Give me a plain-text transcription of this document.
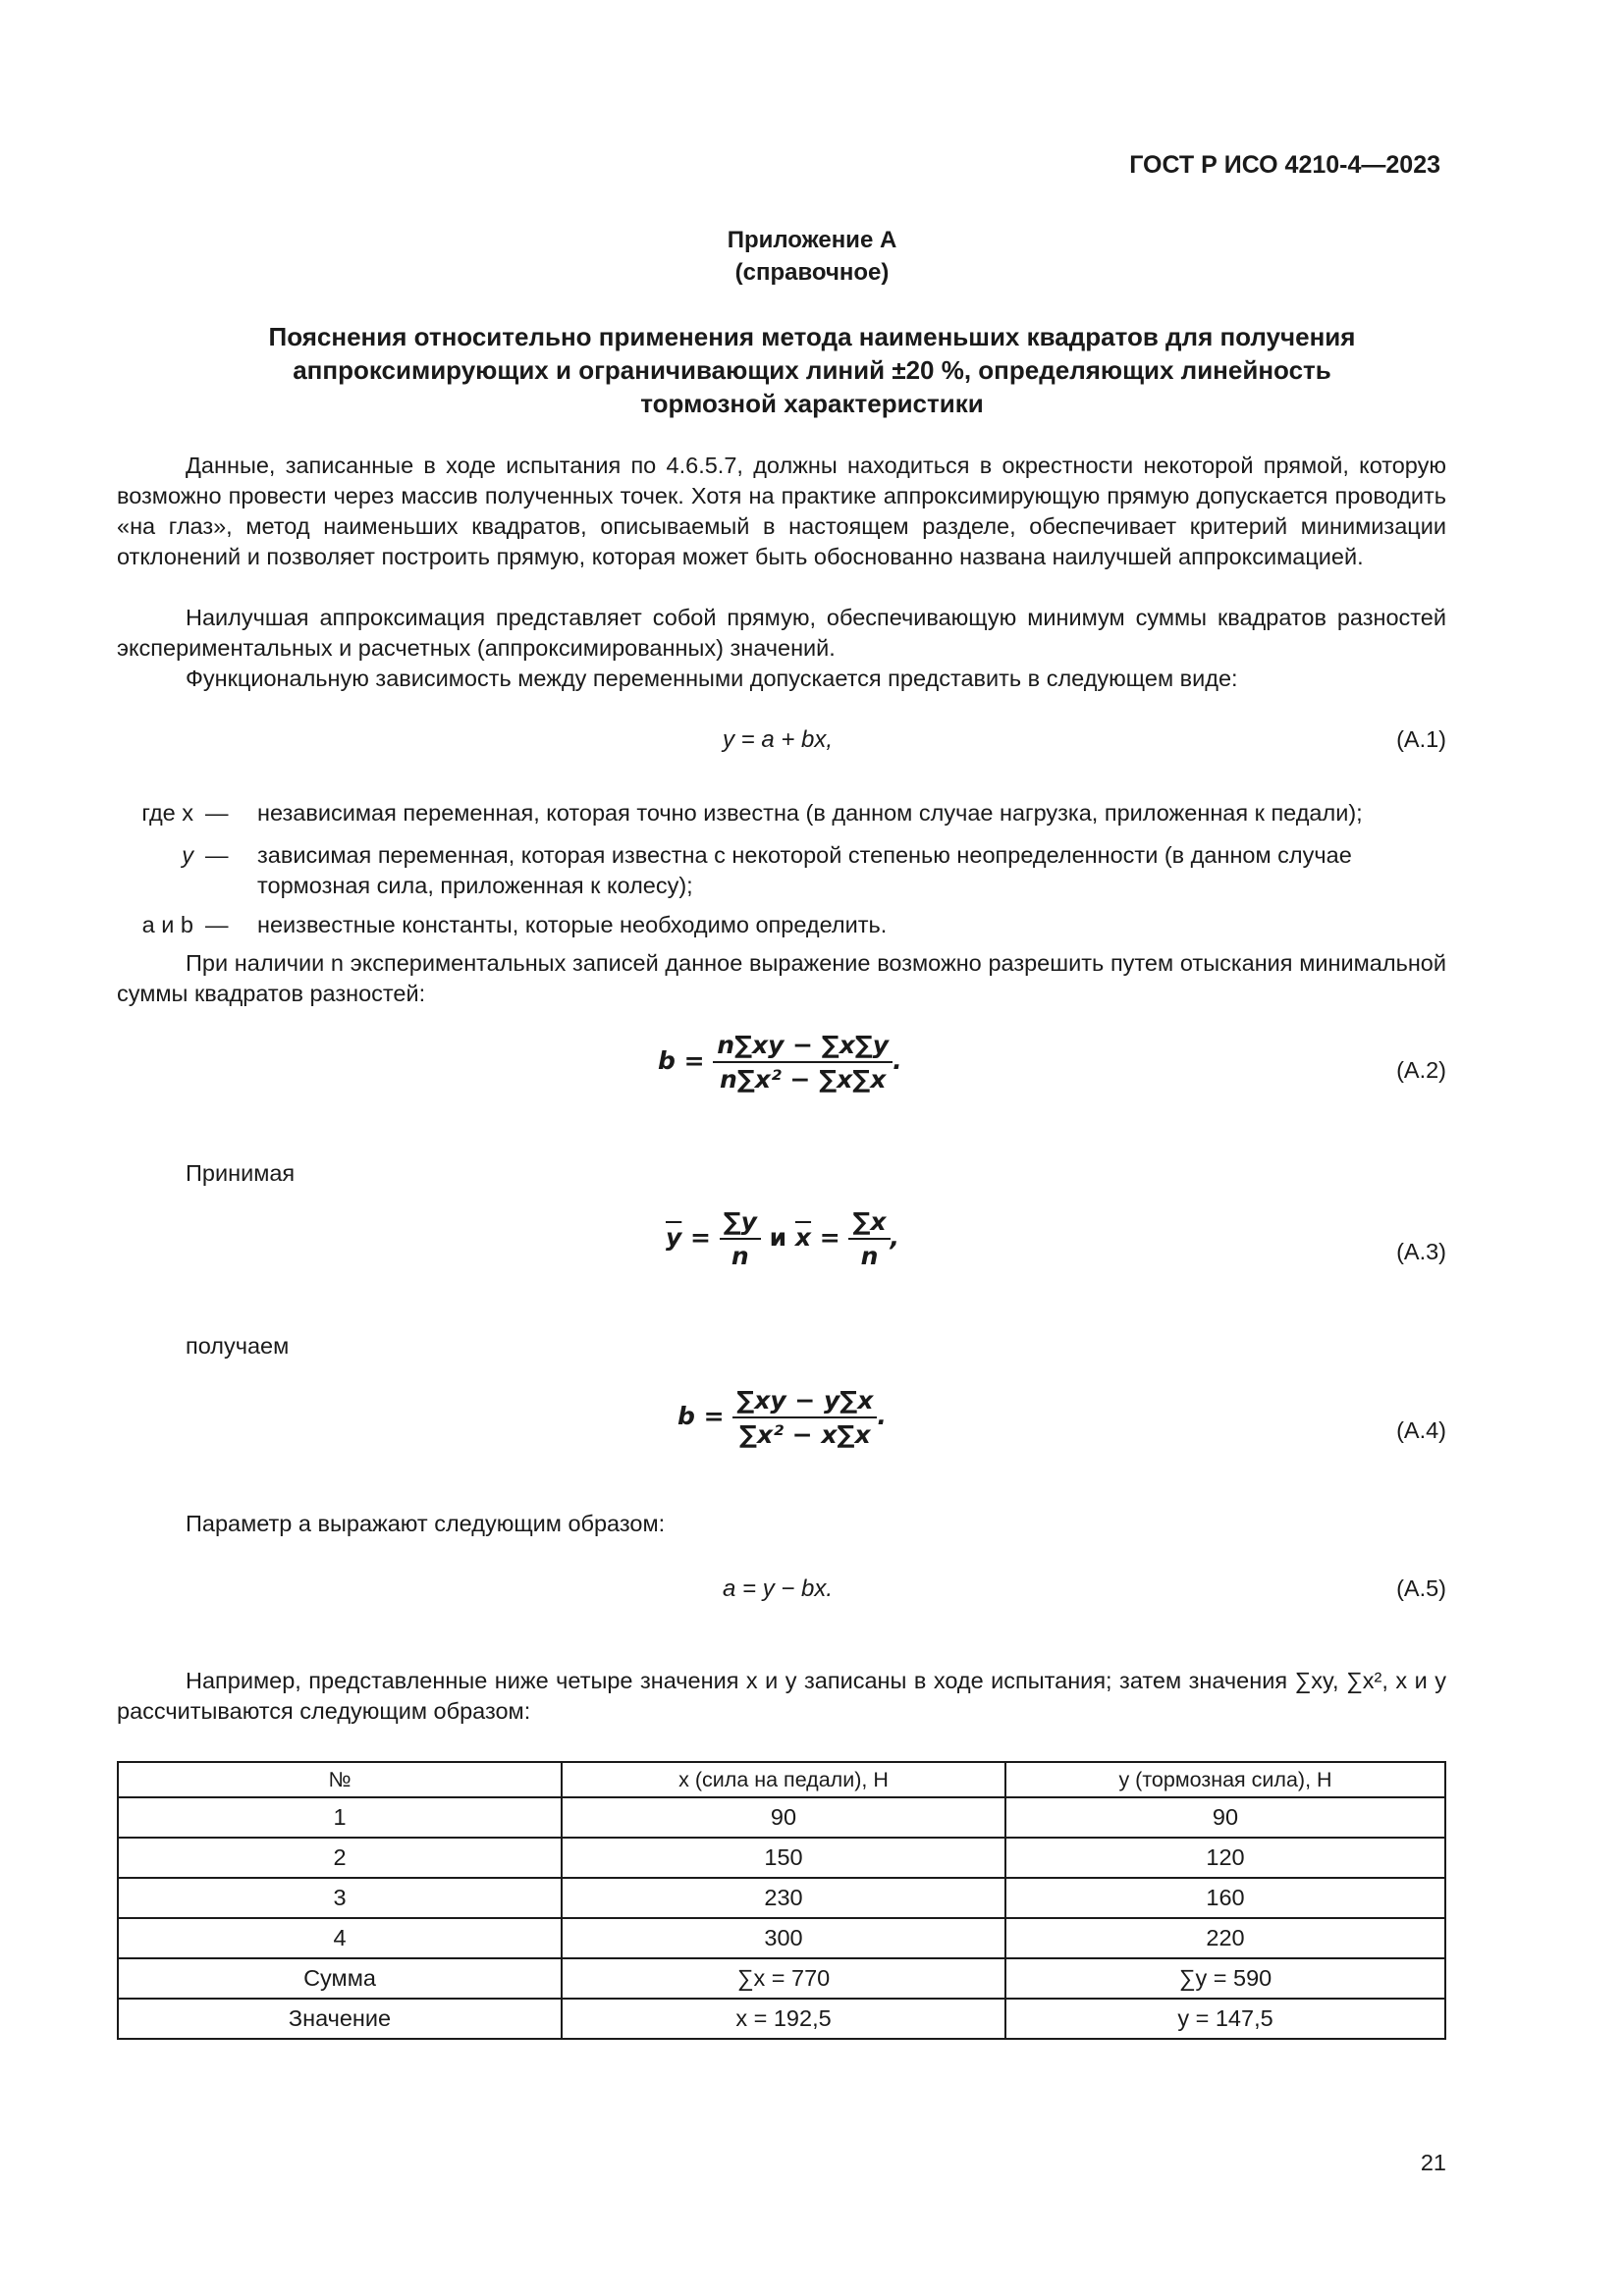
ГОСТ Р ИСО 4210-4—2023
Приложение А
(справочное)
Пояснения относительно применения метода наименьших квадратов для получения
аппроксимирующих и ограничивающих линий ±20 %, определяющих линейность
тормозной характеристики
Данные, записанные в ходе испытания по 4.6.5.7, должны находиться в окрестности некоторой прямой, которую возможно провести через массив полученных точек. Хотя на практике аппроксимирующую прямую допускается проводить «на глаз», метод наименьших квадратов, описываемый в настоящем разделе, обеспечивает критерий минимизации отклонений и позволяет построить прямую, которая может быть обоснованно названа наилучшей аппроксимацией.
Наилучшая аппроксимация представляет собой прямую, обеспечивающую минимум суммы квадратов разностей экспериментальных и расчетных (аппроксимированных) значений.
Функциональную зависимость между переменными допускается представить в следующем виде:
y = a + bx,	(A.1)
где x — независимая переменная, которая точно известна (в данном случае нагрузка, приложенная к педали);
y — зависимая переменная, которая известна с некоторой степенью неопределенности (в данном случае тормозная сила, приложенная к колесу);
a и b — неизвестные константы, которые необходимо определить.
При наличии n экспериментальных записей данное выражение возможно разрешить путем отыскания минимальной суммы квадратов разностей:
$b = \frac{n\sum xy - \sum x\sum y}{\text{n∑x² − ∑x∑x}}$ .	(A.2)
Принимая
$\overline{y} = \frac{\sum y}{n}$ и $\overline{x} = \frac{\sum x}{n}$ ,	(A.3)
получаем
$b = \frac{\sum xy - y\sum x}{\text{∑x² − x∑x}}$ .	(A.4)
Параметр a выражают следующим образом:
a = y − bx.	(A.5)
Например, представленные ниже четыре значения x и y записаны в ходе испытания; затем значения ∑xy, ∑x², x и y рассчитываются следующим образом:
№	x (сила на педали), Н	y (тормозная сила), Н
1	90	90
2	150	120
3	230	160
4	300	220
Сумма	∑x = 770	∑y = 590
Значение	x = 192,5	y = 147,5
21
